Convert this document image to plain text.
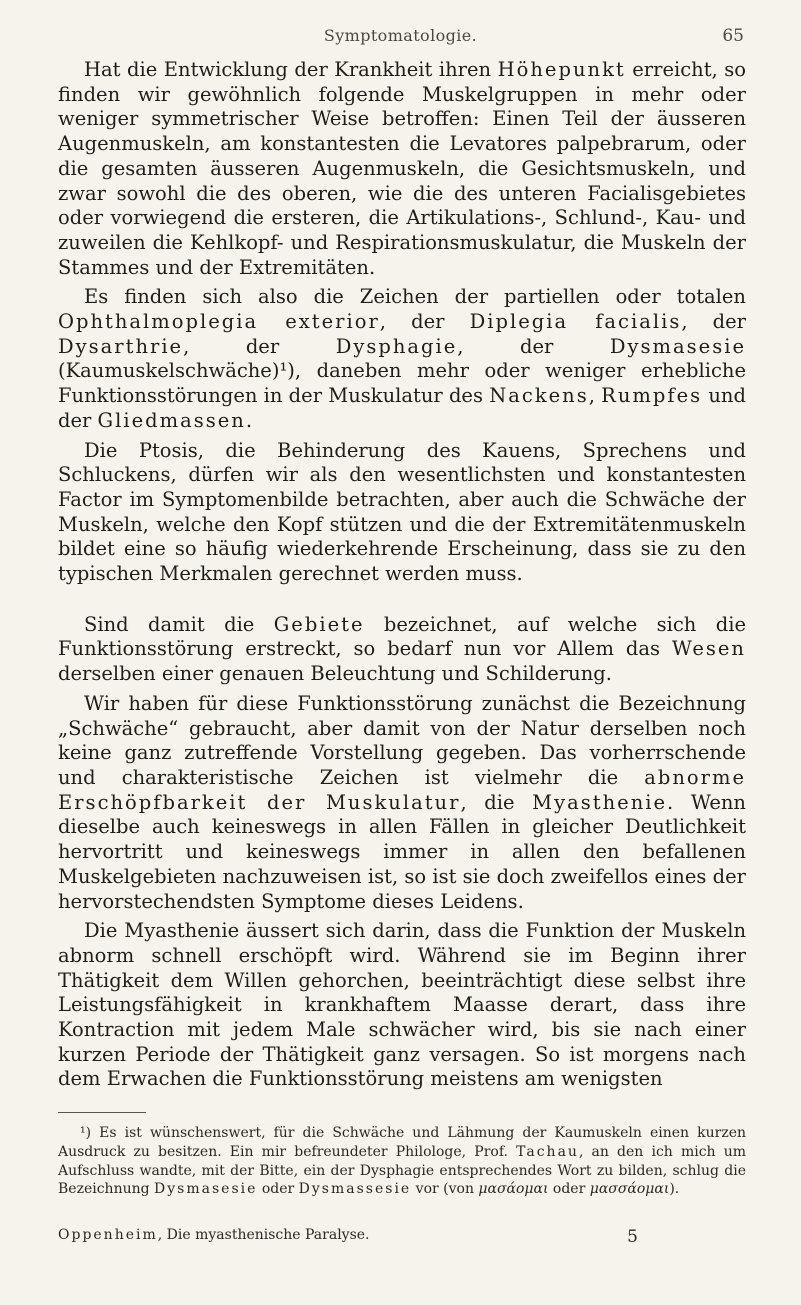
Symptomatologie.	65

Hat die Entwicklung der Krankheit ihren Höhepunkt erreicht, so finden wir gewöhnlich folgende Muskelgruppen in mehr oder weniger symmetrischer Weise betroffen: Einen Teil der äusseren Augenmuskeln, am konstantesten die Levatores palpebrarum, oder die gesamten äusseren Augenmuskeln, die Gesichtsmuskeln, und zwar sowohl die des oberen, wie die des unteren Facialisgebietes oder vorwiegend die ersteren, die Artikulations-, Schlund-, Kau- und zuweilen die Kehlkopf- und Respirationsmuskulatur, die Muskeln der Stammes und der Extremitäten.

Es finden sich also die Zeichen der partiellen oder totalen Ophthalmoplegia exterior, der Diplegia facialis, der Dysarthrie, der Dysphagie, der Dysmasesie (Kaumuskelschwäche)¹), daneben mehr oder weniger erhebliche Funktionsstörungen in der Muskulatur des Nackens, Rumpfes und der Gliedmassen.

Die Ptosis, die Behinderung des Kauens, Sprechens und Schluckens, dürfen wir als den wesentlichsten und konstantesten Factor im Symptomenbilde betrachten, aber auch die Schwäche der Muskeln, welche den Kopf stützen und die der Extremitätenmuskeln bildet eine so häufig wiederkehrende Erscheinung, dass sie zu den typischen Merkmalen gerechnet werden muss.

Sind damit die Gebiete bezeichnet, auf welche sich die Funktionsstörung erstreckt, so bedarf nun vor Allem das Wesen derselben einer genauen Beleuchtung und Schilderung.

Wir haben für diese Funktionsstörung zunächst die Bezeichnung „Schwäche“ gebraucht, aber damit von der Natur derselben noch keine ganz zutreffende Vorstellung gegeben. Das vorherrschende und charakteristische Zeichen ist vielmehr die abnorme Erschöpfbarkeit der Muskulatur, die Myasthenie. Wenn dieselbe auch keineswegs in allen Fällen in gleicher Deutlichkeit hervortritt und keineswegs immer in allen den befallenen Muskelgebieten nachzuweisen ist, so ist sie doch zweifellos eines der hervorstechendsten Symptome dieses Leidens.

Die Myasthenie äussert sich darin, dass die Funktion der Muskeln abnorm schnell erschöpft wird. Während sie im Beginn ihrer Thätigkeit dem Willen gehorchen, beeinträchtigt diese selbst ihre Leistungsfähigkeit in krankhaftem Maasse derart, dass ihre Kontraction mit jedem Male schwächer wird, bis sie nach einer kurzen Periode der Thätigkeit ganz versagen. So ist morgens nach dem Erwachen die Funktionsstörung meistens am wenigsten

¹) Es ist wünschenswert, für die Schwäche und Lähmung der Kaumuskeln einen kurzen Ausdruck zu besitzen. Ein mir befreundeter Philologe, Prof. Tachau, an den ich mich um Aufschluss wandte, mit der Bitte, ein der Dysphagie entsprechendes Wort zu bilden, schlug die Bezeichnung Dysmasesie oder Dysmassesie vor (von μασάομαι oder μασσάομαι).

Oppenheim, Die myasthenische Paralyse.	5
